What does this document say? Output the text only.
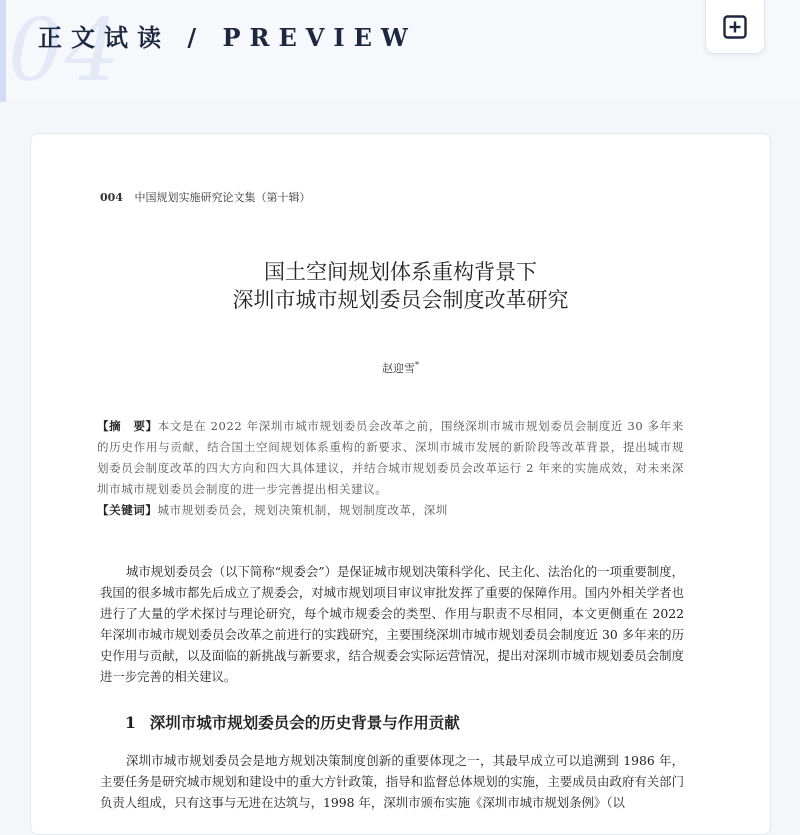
04
正文试读 / PREVIEW
004 中国规划实施研究论文集（第十辑）
国土空间规划体系重构背景下
深圳市城市规划委员会制度改革研究
赵迎雪*
【摘　要】本文是在 2022 年深圳市城市规划委员会改革之前，围绕深圳市城市规划委员会制度近 30 多年来的历史作用与贡献，结合国土空间规划体系重构的新要求、深圳市城市发展的新阶段等改革背景，提出城市规划委员会制度改革的四大方向和四大具体建议，并结合城市规划委员会改革运行 2 年来的实施成效，对未来深圳市城市规划委员会制度的进一步完善提出相关建议。
【关键词】城市规划委员会，规划决策机制，规划制度改革，深圳

城市规划委员会（以下简称“规委会”）是保证城市规划决策科学化、民主化、法治化的一项重要制度，我国的很多城市都先后成立了规委会，对城市规划项目审议审批发挥了重要的保障作用。国内外相关学者也进行了大量的学术探讨与理论研究，每个城市规委会的类型、作用与职责不尽相同，本文更侧重在 2022 年深圳市城市规划委员会改革之前进行的实践研究，主要围绕深圳市城市规划委员会制度近 30 多年来的历史作用与贡献，以及面临的新挑战与新要求，结合规委会实际运营情况，提出对深圳市城市规划委员会制度进一步完善的相关建议。

1 深圳市城市规划委员会的历史背景与作用贡献

深圳市城市规划委员会是地方规划决策制度创新的重要体现之一，其最早成立可以追溯到 1986 年，主要任务是研究城市规划和建设中的重大方针政策，指导和监督总体规划的实施，主要成员由政府有关部门负责人组成，只有这事与无进在达筑与，1998 年，深圳市颁布实施《深圳市城市规划条例》（以
